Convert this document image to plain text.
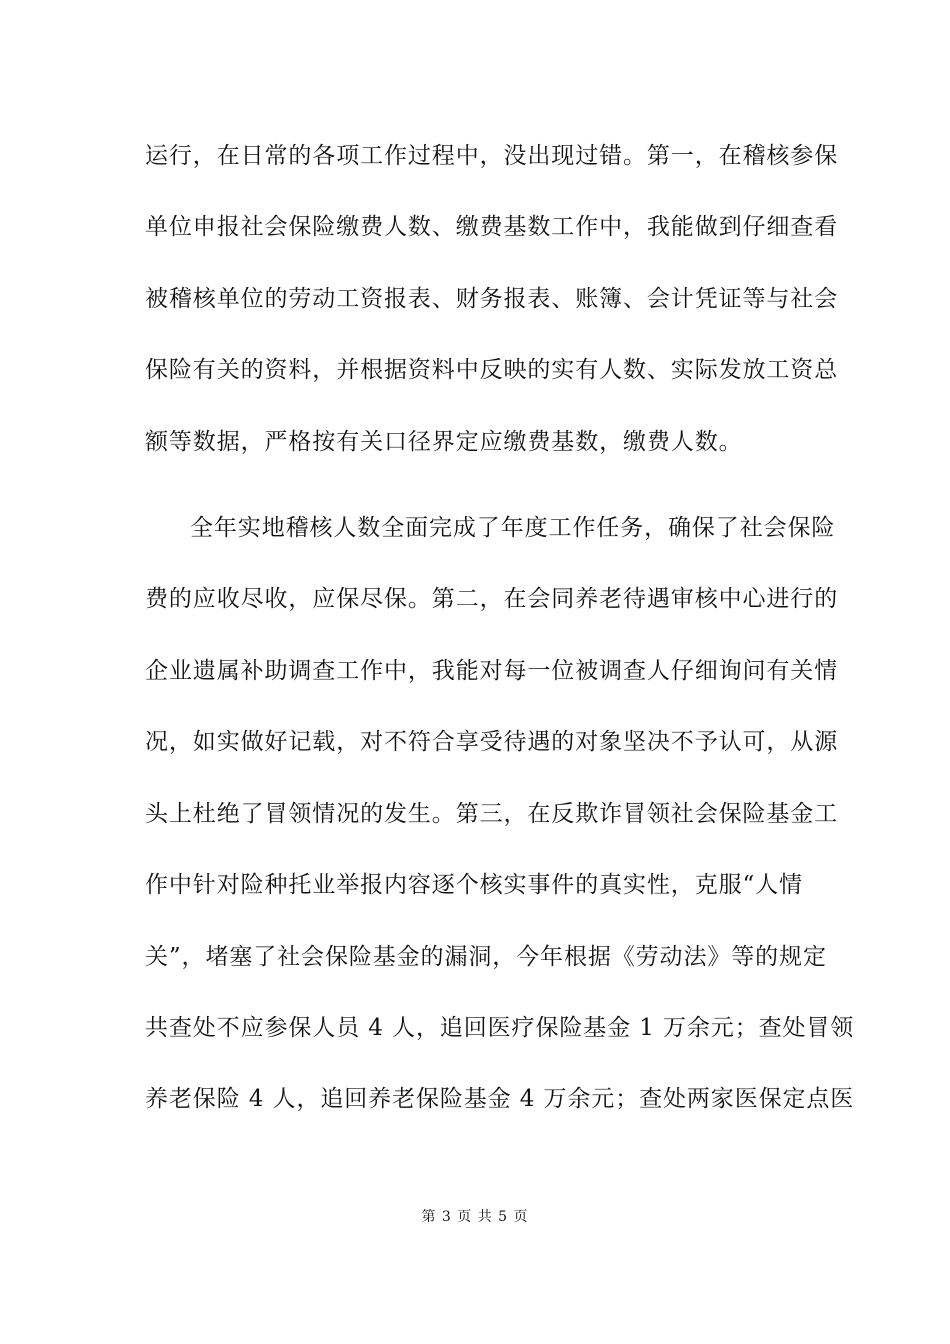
运行，在日常的各项工作过程中，没出现过错。第一，在稽核参保
单位申报社会保险缴费人数、缴费基数工作中，我能做到仔细查看
被稽核单位的劳动工资报表、财务报表、账簿、会计凭证等与社会
保险有关的资料，并根据资料中反映的实有人数、实际发放工资总
额等数据，严格按有关口径界定应缴费基数，缴费人数。
全年实地稽核人数全面完成了年度工作任务，确保了社会保险
费的应收尽收，应保尽保。第二，在会同养老待遇审核中心进行的
企业遗属补助调查工作中，我能对每一位被调查人仔细询问有关情
况，如实做好记载，对不符合享受待遇的对象坚决不予认可，从源
头上杜绝了冒领情况的发生。第三，在反欺诈冒领社会保险基金工
作中针对险种托业举报内容逐个核实事件的真实性，克服“人情
关”，堵塞了社会保险基金的漏洞，今年根据《劳动法》等的规定
共查处不应参保人员 4 人，追回医疗保险基金 1 万余元；查处冒领
养老保险 4 人，追回养老保险基金 4 万余元；查处两家医保定点医
第 3 页 共 5 页
